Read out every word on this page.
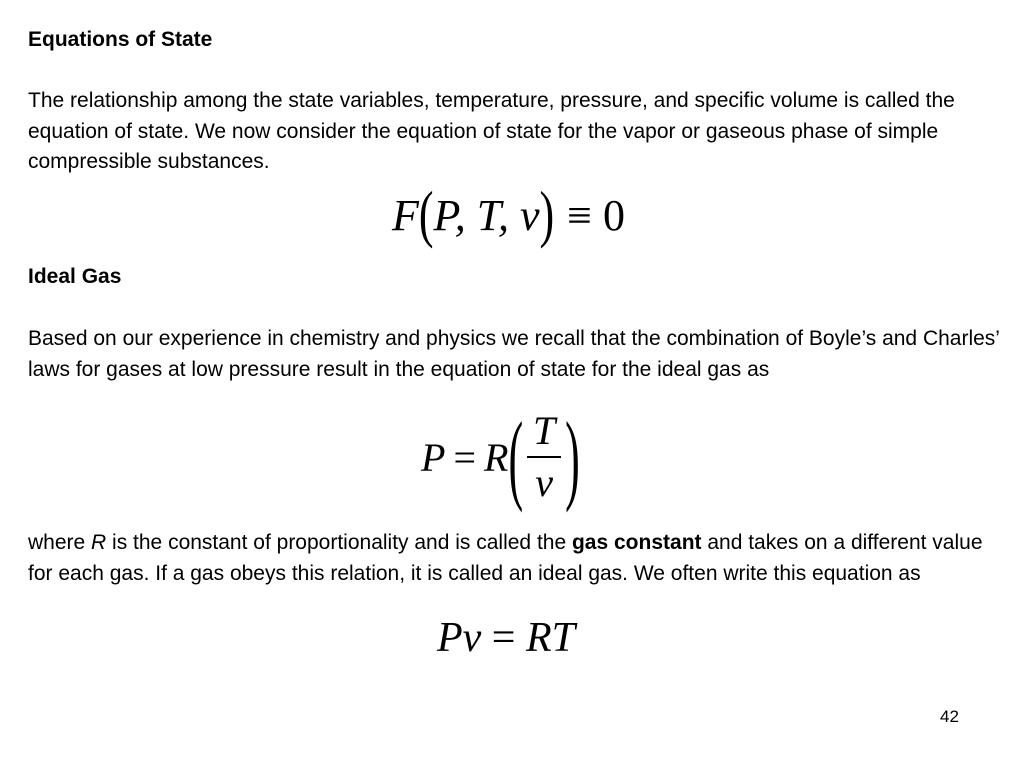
Equations of State
The relationship among the state variables, temperature, pressure, and specific volume is called the equation of state. We now consider the equation of state for the vapor or gaseous phase of simple compressible substances.
F(P, T, v) ≡ 0
Ideal Gas
Based on our experience in chemistry and physics we recall that the combination of Boyle’s and Charles’ laws for gases at low pressure result in the equation of state for the ideal gas as
P = R ( $\frac{T}{v}$ )
where R is the constant of proportionality and is called the gas constant and takes on a different value for each gas. If a gas obeys this relation, it is called an ideal gas. We often write this equation as
Pv = RT
42
